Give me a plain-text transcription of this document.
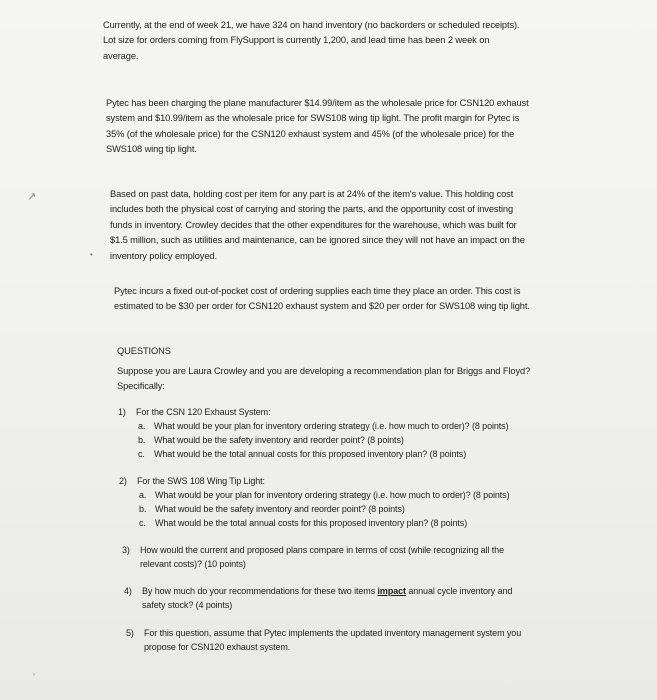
Currently, at the end of week 21, we have 324 on hand inventory (no backorders or scheduled receipts).
Lot size for orders coming from FlySupport is currently 1,200, and lead time has been 2 week on
average.
Pytec has been charging the plane manufacturer $14.99/item as the wholesale price for CSN120 exhaust
system and $10.99/item as the wholesale price for SWS108 wing tip light. The profit margin for Pytec is
35% (of the wholesale price) for the CSN120 exhaust system and 45% (of the wholesale price) for the
SWS108 wing tip light.
Based on past data, holding cost per item for any part is at 24% of the item's value. This holding cost
includes both the physical cost of carrying and storing the parts, and the opportunity cost of investing
funds in inventory. Crowley decides that the other expenditures for the warehouse, which was built for
$1.5 million, such as utilities and maintenance, can be ignored since they will not have an impact on the
inventory policy employed.
Pytec incurs a fixed out-of-pocket cost of ordering supplies each time they place an order. This cost is
estimated to be $30 per order for CSN120 exhaust system and $20 per order for SWS108 wing tip light.
QUESTIONS
Suppose you are Laura Crowley and you are developing a recommendation plan for Briggs and Floyd?
Specifically:
1) For the CSN 120 Exhaust System:
a. What would be your plan for inventory ordering strategy (i.e. how much to order)? (8 points)
b. What would be the safety inventory and reorder point? (8 points)
c. What would be the total annual costs for this proposed inventory plan? (8 points)
2) For the SWS 108 Wing Tip Light:
a. What would be your plan for inventory ordering strategy (i.e. how much to order)? (8 points)
b. What would be the safety inventory and reorder point? (8 points)
c. What would be the total annual costs for this proposed inventory plan? (8 points)
3) How would the current and proposed plans compare in terms of cost (while recognizing all the
relevant costs)? (10 points)
4) By how much do your recommendations for these two items impact annual cycle inventory and
safety stock? (4 points)
5) For this question, assume that Pytec implements the updated inventory management system you
propose for CSN120 exhaust system.
↗
•
’
